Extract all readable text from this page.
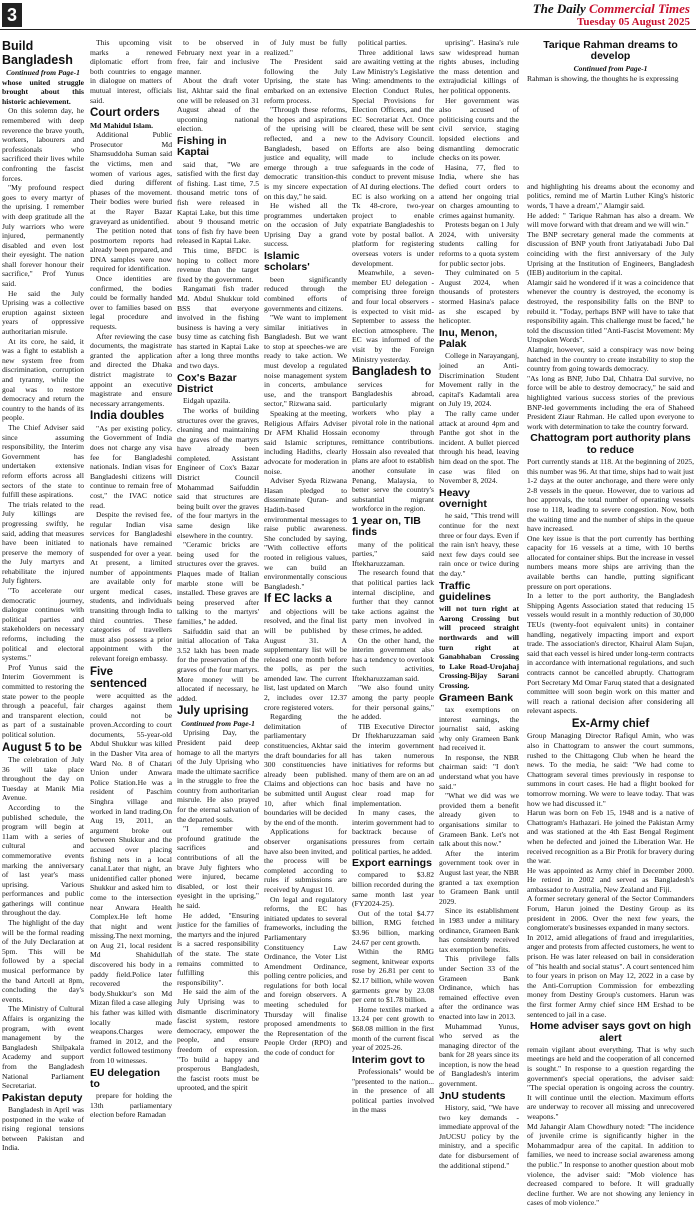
3	The Daily Commercial Times
Tuesday 05 August 2025
Build Bangladesh

Continued from Page-1

whose united struggle brought about this historic achievement.

On this solemn day, he remembered with deep reverence the brave youth, workers, labourers and professionals who sacrificed their lives while confronting the fascist forces.

"My profound respect goes to every martyr of the uprising. I remember with deep gratitude all the July warriors who were injured, permanently disabled and even lost their eyesight. The nation shall forever honour their sacrifice," Prof Yunus said.

He said the July Uprising was a collective eruption against sixteen years of oppressive authoritarian misrule.

At its core, he said, it was a fight to establish a new system free from discrimination, corruption and tyranny, while the goal was to restore democracy and return the country to the hands of its people.

The Chief Adviser said since assuming responsibility, the Interim Government has undertaken extensive reform efforts across all sectors of the state to fulfill these aspirations.

The trials related to the July killings are progressing swiftly, he said, adding that measures have been initiated to preserve the memory of the July martyrs and rehabilitate the injured July fighters.

"To accelerate our democratic journey, dialogue continues with political parties and stakeholders on necessary reforms, including the political and electoral systems."

Prof Yunus said the Interim Government is committed to restoring the state power to the people through a peaceful, fair and transparent election, as part of a sustainable political solution.

August 5 to be

The celebration of July 36 will take place throughout the day on Tuesday at Manik Mia Avenue.

According to the published schedule, the program will begin at 11am with a series of cultural and commemorative events marking the anniversary of last year's mass uprising. Various performances and public gatherings will continue throughout the day.

The highlight of the day will be the formal reading of the July Declaration at 5pm. This will be followed by a special musical performance by the band Artcell at 8pm, concluding the day's events.

The Ministry of Cultural Affairs is organizing the program, with event management by the Bangladesh Shilpakala Academy and support from the Bangladesh National Parliament Secretariat.

Pakistan deputy

Bangladesh in April was postponed in the wake of rising regional tensions between Pakistan and India.

This upcoming visit marks a renewed diplomatic effort from both countries to engage in dialogue on matters of mutual interest, officials said.

Court orders

Md Mahidul Islam.

Additional Public Prosecutor Md Shamsuddoha Suman said the victims, men and women of various ages, died during different phases of the movement. Their bodies were buried at the Rayer Bazar graveyard as unidentified.

The petition noted that postmortem reports had already been prepared, and DNA samples were now required for identification.

Once identities are confirmed, the bodies could be formally handed over to families based on legal procedure and requests.

After reviewing the case documents, the magistrate granted the application and directed the Dhaka district magistrate to appoint an executive magistrate and ensure necessary arrangements.

India doubles

"As per existing policy, the Government of India does not charge any visa fee for Bangladeshi nationals. Indian visas for Bangladeshi citizens will continue to remain free of cost," the IVAC notice read.

Despite the revised fee, regular Indian visa services for Bangladeshi nationals have remained suspended for over a year. At present, a limited number of appointments are available only for urgent medical cases, students, and individuals transiting through India to third countries. These categories of travellers must also possess a prior appointment with the relevant foreign embassy.

Five sentenced

were acquitted as the charges against them could not be proven.According to court documents, 55-year-old Abdul Shukkur was killed in the Dasher Vita area of Ward No. 8 of Chatari Union under Anwara Police Station.He was a resident of Paschim Singhra village and worked in land trading.On Aug 19, 2011, an argument broke out between Shukkur and the accused over placing fishing nets in a local canal.Later that night, an unidentified caller phoned Shukkur and asked him to come to the intersection near Anwara Health Complex.He left home that night and went missing.The next morning, on Aug 21, local resident Md Shahidullah discovered his body in a paddy field.Police later recovered the body.Shukkur's son Md Mizan filed a case alleging his father was killed with locally made weapons.Charges were framed in 2012, and the verdict followed testimony from 10 witnesses.

EU delegation to

prepare for holding the 13th parliamentary election before Ramadan

to be observed in February next year in a free, fair and inclusive manner.

About the draft voter list, Akhtar said the final one will be released on 31 August ahead of the upcoming national election.

Fishing in Kaptai

said that, "We are satisfied with the first day of fishing. Last time, 7.5 thousand metric tons of fish were released in Kaptai Lake, but this time about 9 thousand metric tons of fish fry have been released in Kaptai Lake.

This time, BFDC is hoping to collect more revenue than the target fixed by the government.

Rangamati fish trader Md. Abdul Shukkur told BSS that everyone involved in the fishing business is having a very busy time as catching fish has started in Kaptai Lake after a long three months and two days.

Cox's Bazar District

Eidgah upazila.

The works of building structures over the graves, cleaning and maintaining the graves of the martyrs have already been completed. Assistant Engineer of Cox's Bazar District Council Mohammad Saifuddin said that structures are being built over the graves of the four martyrs in the same design like elsewhere in the country.

"Ceramic bricks are being used for the structures over the graves. Plaques made of Italian marble stone will be installed. These graves are being preserved after talking to the martyrs' families," he added.

Saifuddin said that an initial allocation of Taka 3.52 lakh has been made for the preservation of the graves of the four martyrs. More money will be allocated if necessary, he added.

July uprising

Continued from Page-1

Uprising Day, the President paid deep homage to all the martyrs of the July Uprising who made the ultimate sacrifice in the struggle to free the country from authoritarian misrule. He also prayed for the eternal salvation of the departed souls.

"I remember with profound gratitude the sacrifices and contributions of all the brave July fighters who were injured, became disabled, or lost their eyesight in the uprising," he said.

He added, "Ensuring justice for the families of the martyrs and the injured is a sacred responsibility of the state. The state remains committed to fulfilling this responsibility".

He said the aim of the July Uprising was to dismantle discriminatory fascist system, restore democracy, empower the people, and ensure freedom of expression. "To build a happy and prosperous Bangladesh, the fascist roots must be uprooted, and the spirit

of July must be fully realized."

The President said following the July Uprising, the state has embarked on an extensive reform process.

"Through these reforms, the hopes and aspirations of the uprising will be reflected, and a new Bangladesh, based on justice and equality, will emerge through a true democratic transition-this is my sincere expectation on this day," he said.

He wished all the programmes undertaken on the occasion of July Uprising Day a grand success.

Islamic scholars'

been significantly reduced through the combined efforts of governments and citizens.

"We want to implement similar initiatives in Bangladesh. But we want to stop at speeches-we are ready to take action. We must develop a regulated noise management system in concerts, ambulance use, and the transport sector," Rizwana said.

Speaking at the meeting, Religious Affairs Adviser Dr AFM Khalid Hossain said Islamic scriptures, including Hadiths, clearly advocate for moderation in noise.

Adviser Syeda Rizwana Hasan pledged to disseminate Quran- and Hadith-based environmental messages to raise public awareness. She concluded by saying, "With collective efforts rooted in religious values, we can build an environmentally conscious Bangladesh."

If EC lacks a

and objections will be resolved, and the final list will be published by August 31. A supplementary list will be released one month before the polls, as per the amended law. The current list, last updated on March 2, includes over 12.37 crore registered voters.

Regarding the delimitation of parliamentary constituencies, Akhtar said the draft boundaries for all 300 constituencies have already been published. Claims and objections can be submitted until August 10, after which final boundaries will be decided by the end of the month.

Applications for observer organisations have also been invited, and the process will be completed according to rules if submissions are received by August 10.

On legal and regulatory reforms, the EC has initiated updates to several frameworks, including the Parliamentary Constituency Law Ordinance, the Voter List Amendment Ordinance, polling centre policies, and regulations for both local and foreign observers. A meeting scheduled for Thursday will finalise proposed amendments to the Representation of the People Order (RPO) and the code of conduct for

political parties.

Three additional laws are awaiting vetting at the Law Ministry's Legislative Wing: amendments to the Election Conduct Rules, Special Provisions for Election Officers, and the EC Secretariat Act. Once cleared, these will be sent to the Advisory Council. Efforts are also being made to include safeguards in the code of conduct to prevent misuse of AI during elections. The EC is also working on a Tk 48-crore, two-year project to enable expatriate Bangladeshis to vote by postal ballot. A platform for registering overseas voters is under development.

Meanwhile, a seven-member EU delegation - comprising three foreign and four local observers - is expected to visit mid-September to assess the election atmosphere. The EC was informed of the visit by the Foreign Ministry yesterday.

Bangladesh to

services for Bangladeshis abroad, particularly migrant workers who play a pivotal role in the national economy through remittance contributions. Hossain also revealed that plans are afoot to establish another consulate in Penang, Malaysia, to better serve the country's substantial migrant workforce in the region.

1 year on, TIB finds

many of the political parties," said Iftekharuzzaman.

The research found that that political parties lack internal discipline, and further that they cannot take actions against the party men involved in these crimes, he added.

On the other hand, the interim government also has a tendency to overlook such activities, Iftekharuzzaman said.

"We also found unity among the party people for their personal gains," he added.

TIB Executive Director Dr Iftekharuzzaman said the interim government has taken numerous initiatives for reforms but many of them are on an ad hoc basis and have no clear road map for implementation.

In many cases, the interim government had to backtrack because of pressures from certain political parties, he added.

Export earnings

compared to $3.82 billion recorded during the same month last year (FY2024-25).

Out of the total $4.77 billion, RMG fetched $3.96 billion, marking 24.67 per cent growth.

Within the RMG segment, knitwear exports rose by 26.81 per cent to $2.17 billion, while woven garments grew by 23.08 per cent to $1.78 billion.

Home textiles marked a 13.24 per cent growth to $68.08 million in the first month of the current fiscal year of 2025-26.

Interim govt to

Professionals" would be "presented to the nation... in the presence of all political parties involved in the mass

uprising". Hasina's rule saw widespread human rights abuses, including the mass detention and extrajudicial killings of her political opponents.

Her government was also accused of politicising courts and the civil service, staging lopsided elections and dismantling democratic checks on its power.

Hasina, 77, fled to India, where she has defied court orders to attend her ongoing trial on charges amounting to crimes against humanity.

Protests began on 1 July 2024, with university students calling for reforms to a quota system for public sector jobs.

They culminated on 5 August 2024, when thousands of protesters stormed Hasina's palace as she escaped by helicopter.

Inu, Menon, Palak

College in Narayanganj, joined an Anti-Discrimination Student Movement rally in the capital's Kadamtali area on July 19, 2024.

The rally came under attack at around 4pm and Panthe got shot in the incident. A bullet pierced through his head, leaving him dead on the spot. The case was filed on November 8, 2024.

Heavy overnight

he said, "This trend will continue for the next three or four days. Even if the rain isn't heavy, these next few days could see rain once or twice during the day."

Traffic guidelines

will not turn right at Aarong Crossing but will proceed straight northwards and will turn right at Ganabhaban Crossing to Lake Road-Urojahaj Crossing-Bijay Sarani Crossing.

Grameen Bank

tax exemptions on interest earnings, the journalist said, asking why only Grameen Bank had received it.

In response, the NBR chairman said: "I don't understand what you have said."

"What we did was we provided them a benefit already given to organisations similar to Grameen Bank. Let's not talk about this now."

After the interim government took over in August last year, the NBR granted a tax exemption to Grameen Bank until 2029.

Since its establishment in 1983 under a military ordinance, Grameen Bank has consistently received tax exemption benefits.

This privilege falls under Section 33 of the Grameen Bank Ordinance, which has remained effective even after the ordinance was enacted into law in 2013.

Muhammad Yunus, who served as the managing director of the bank for 28 years since its inception, is now the head of Bangladesh's interim government.

JnU students

History, said, "We have two key demands - immediate approval of the JnUCSU policy by the ministry, and a specific date for disbursement of the additional stipend."

Tarique Rahman dreams to develop

Continued from Page-1

Rahman is showing, the thoughts he is expressing

and highlighting his dreams about the economy and politics, remind me of Martin Luther King's historic words, 'I have a dream'," Alamgir said.

He added: " Tarique Rahman has also a dream. We will move forward with that dream and we will win."

The BNP secretary general made the comments at discussion of BNP youth front Jatiyatabadi Jubo Dal coinciding with the first anniversary of the July Uprising at the Institution of Engineers, Bangladesh (IEB) auditorium in the capital.

Alamgir said he wondered if it was a coincidence that whenever the country is destroyed, the economy is destroyed, the responsibility falls on the BNP to rebuild it. "Today, perhaps BNP will have to take that responsibility again. This challenge must be faced," he told the discussion titled "Anti-Fascist Movement: My Unspoken Words".

Alamgir, however, said a conspiracy was now being hatched in the country to create instability to stop the country from going towards democracy.

"As long as BNP, Jubo Dal, Chhatra Dal survive, no force will be able to destroy democracy," he said and highlighted various success stories of the previous BNP-led governments including the era of Shaheed President Ziaur Rahman. He called upon everyone to work with determination to take the country forward.

Chattogram port authority plans to reduce

Port currently stands at 118. At the beginning of 2025, this number was 96. At that time, ships had to wait just 1-2 days at the outer anchorage, and there were only 2-8 vessels in the queue. However, due to various ad hoc approvals, the total number of operating vessels rose to 118, leading to severe congestion. Now, both the waiting time and the number of ships in the queue have increased.

One key issue is that the port currently has berthing capacity for 16 vessels at a time, with 10 berths allocated for container ships. But the increase in vessel numbers means more ships are arriving than the available berths can handle, putting significant pressure on port operations.

In a letter to the port authority, the Bangladesh Shipping Agents Association stated that reducing 15 vessels would result in a monthly reduction of 30,000 TEUs (twenty-foot equivalent units) in container handling, negatively impacting import and export trade. The association's director, Khairul Alam Sujan, said that each vessel is hired under long-term contracts in accordance with international regulations, and such contracts cannot be cancelled abruptly. Chattogram Port Secretary Md Omar Faruq stated that a designated committee will soon begin work on this matter and will reach a rational decision after considering all relevant aspects.

Ex-Army chief

Group Managing Director Rafiqul Amin, who was also in Chattogram to answer the court summons, rushed to the Chittagong Club when he heard the news. To the media, he said: "We had come to Chattogram several times previously in response to summons in court cases. He had a flight booked for tomorrow morning. We were to leave today. That was how we had discussed it."

Harun was born on Feb 15, 1948 and is a native of Chattogram's Hathazari. He joined the Pakistan Army and was stationed at the 4th East Bengal Regiment when he defected and joined the Liberation War. He received recognition as a Bir Protik for bravery during the war.

He was appointed as Army chief in December 2000. He retired in 2002 and served as Bangladesh's ambassador to Australia, New Zealand and Fiji.

A former secretary general of the Sector Commanders Forum, Harun joined the Destiny Group as its president in 2006. Over the next few years, the conglomerate's businesses expanded in many sectors.

In 2012, amid allegations of fraud and irregularities, anger and protests from affected customers, he went to prison. He was later released on bail in consideration of "his health and social status". A court sentenced him to four years in prison on May 12, 2022 in a case by the Anti-Corruption Commission for embezzling money from Destiny Group's customers. Harun was the first former Army chief since HM Ershad to be sentenced to jail in a case.

Home adviser says govt on high alert

remain vigilant about everything. That is why such meetings are held and the cooperation of all concerned is sought." In response to a question regarding the government's special operations, the adviser said: "The special operation is ongoing across the country. It will continue until the election. Maximum efforts are underway to recover all missing and unrecovered weapons."

Md Jahangir Alam Chowdhury noted: "The incidence of juvenile crime is significantly higher in the Mohammadpur area of the capital. In addition to families, we need to increase social awareness among the public." In response to another question about mob violence, the adviser said: "Mob violence has decreased compared to before. It will gradually decline further. We are not showing any leniency in cases of mob violence."
